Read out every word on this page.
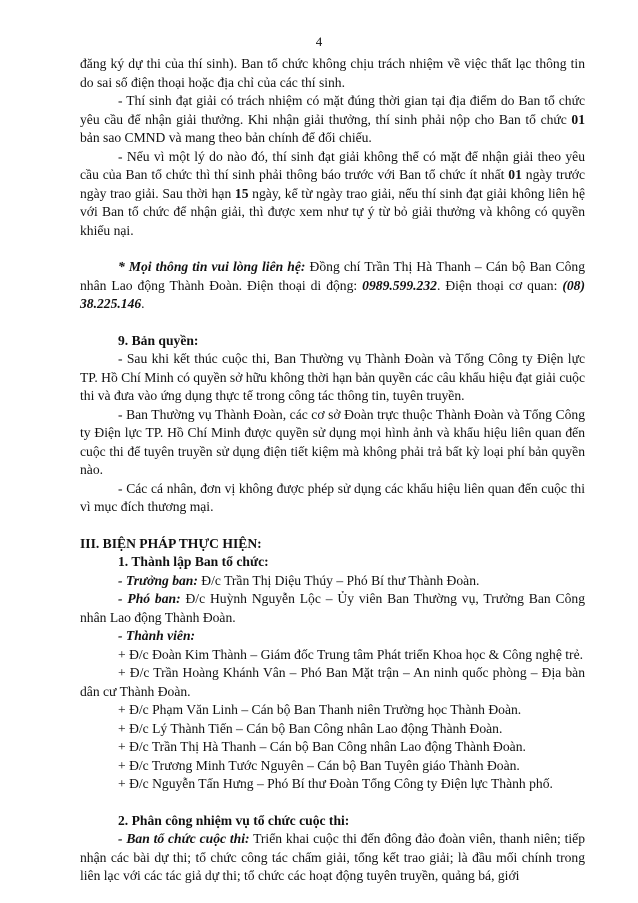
4

đăng ký dự thi của thí sinh). Ban tổ chức không chịu trách nhiệm về việc thất lạc thông tin do sai số điện thoại hoặc địa chỉ của các thí sinh.

- Thí sinh đạt giải có trách nhiệm có mặt đúng thời gian tại địa điểm do Ban tổ chức yêu cầu để nhận giải thưởng. Khi nhận giải thưởng, thí sinh phải nộp cho Ban tổ chức 01 bản sao CMND và mang theo bản chính để đối chiếu.

- Nếu vì một lý do nào đó, thí sinh đạt giải không thể có mặt để nhận giải theo yêu cầu của Ban tổ chức thì thí sinh phải thông báo trước với Ban tổ chức ít nhất 01 ngày trước ngày trao giải. Sau thời hạn 15 ngày, kể từ ngày trao giải, nếu thí sinh đạt giải không liên hệ với Ban tổ chức để nhận giải, thì được xem như tự ý từ bỏ giải thưởng và không có quyền khiếu nại.

* Mọi thông tin vui lòng liên hệ: Đồng chí Trần Thị Hà Thanh – Cán bộ Ban Công nhân Lao động Thành Đoàn. Điện thoại di động: 0989.599.232. Điện thoại cơ quan: (08) 38.225.146.

9. Bản quyền:

- Sau khi kết thúc cuộc thi, Ban Thường vụ Thành Đoàn và Tổng Công ty Điện lực TP. Hồ Chí Minh có quyền sở hữu không thời hạn bản quyền các câu khẩu hiệu đạt giải cuộc thi và đưa vào ứng dụng thực tế trong công tác thông tin, tuyên truyền.

- Ban Thường vụ Thành Đoàn, các cơ sở Đoàn trực thuộc Thành Đoàn và Tổng Công ty Điện lực TP. Hồ Chí Minh được quyền sử dụng mọi hình ảnh và khẩu hiệu liên quan đến cuộc thi để tuyên truyền sử dụng điện tiết kiệm mà không phải trả bất kỳ loại phí bản quyền nào.

- Các cá nhân, đơn vị không được phép sử dụng các khẩu hiệu liên quan đến cuộc thi vì mục đích thương mại.

III. BIỆN PHÁP THỰC HIỆN:

1. Thành lập Ban tổ chức:

- Trưởng ban: Đ/c Trần Thị Diệu Thúy – Phó Bí thư Thành Đoàn.

- Phó ban: Đ/c Huỳnh Nguyễn Lộc – Ủy viên Ban Thường vụ, Trưởng Ban Công nhân Lao động Thành Đoàn.

- Thành viên:

+ Đ/c Đoàn Kim Thành – Giám đốc Trung tâm Phát triển Khoa học & Công nghệ trẻ.

+ Đ/c Trần Hoàng Khánh Vân – Phó Ban Mặt trận – An ninh quốc phòng – Địa bàn dân cư Thành Đoàn.

+ Đ/c Phạm Văn Linh – Cán bộ Ban Thanh niên Trường học Thành Đoàn.

+ Đ/c Lý Thành Tiến – Cán bộ Ban Công nhân Lao động Thành Đoàn.

+ Đ/c Trần Thị Hà Thanh – Cán bộ Ban Công nhân Lao động Thành Đoàn.

+ Đ/c Trương Minh Tước Nguyên – Cán bộ Ban Tuyên giáo Thành Đoàn.

+ Đ/c Nguyễn Tấn Hưng – Phó Bí thư Đoàn Tổng Công ty Điện lực Thành phố.

2. Phân công nhiệm vụ tổ chức cuộc thi:

- Ban tổ chức cuộc thi: Triển khai cuộc thi đến đông đảo đoàn viên, thanh niên; tiếp nhận các bài dự thi; tổ chức công tác chấm giải, tổng kết trao giải; là đầu mối chính trong liên lạc với các tác giả dự thi; tổ chức các hoạt động tuyên truyền, quảng bá, giới
